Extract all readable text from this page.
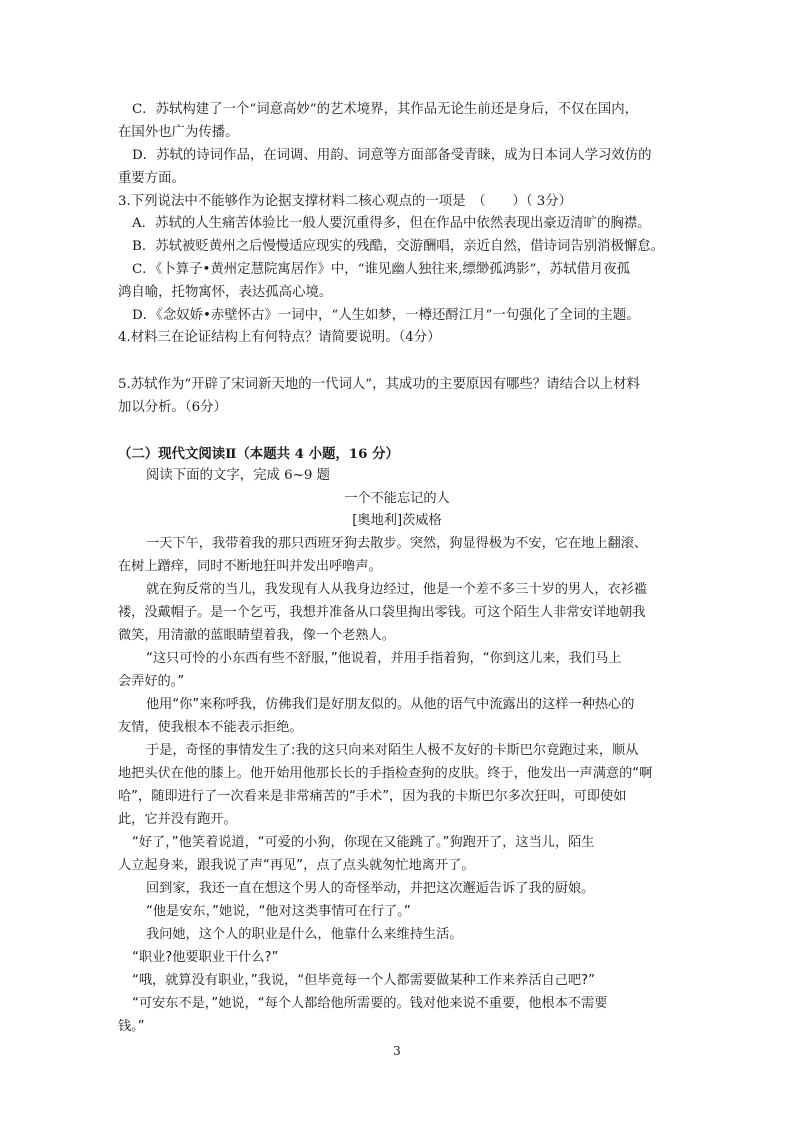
C．苏轼构建了一个“词意高妙”的艺术境界，其作品无论生前还是身后，不仅在国内，
在国外也广为传播。
D．苏轼的诗词作品，在词调、用韵、词意等方面部备受青睐，成为日本词人学习效仿的
重要方面。
3.下列说法中不能够作为论据支撑材料二核心观点的一项是　（　　）（ 3分）
A．苏轼的人生痛苦体验比一般人要沉重得多，但在作品中依然表现出豪迈清旷的胸襟。
B．苏轼被贬黄州之后慢慢适应现实的残酷，交游酬唱，亲近自然，借诗词告别消极懈怠。
C．《卜算子•黄州定慧院寓居作》中，“谁见幽人独往来,缥缈孤鸿影”，苏轼借月夜孤
鸿自喻，托物寓怀，表达孤高心境。
D．《念奴娇•赤壁怀古》一词中，“人生如梦，一樽还酹江月”一句强化了全词的主题。
4.材料三在论证结构上有何特点？请简要说明。（4分）
5.苏轼作为“开辟了宋词新天地的一代词人”，其成功的主要原因有哪些？请结合以上材料
加以分析。（6分）
（二）现代文阅读Ⅱ（本题共 4 小题，16 分）
阅读下面的文字，完成 6~9 题
一个不能忘记的人
[奥地利]茨威格
一天下午，我带着我的那只西班牙狗去散步。突然，狗显得极为不安，它在地上翻滚、
在树上蹭痒，同时不断地狂叫并发出呼噜声。
就在狗反常的当儿，我发现有人从我身边经过，他是一个差不多三十岁的男人，衣衫褴
褛，没戴帽子。是一个乞丐，我想并准备从口袋里掏出零钱。可这个陌生人非常安详地朝我
微笑，用清澈的蓝眼睛望着我，像一个老熟人。
“这只可怜的小东西有些不舒服，”他说着，并用手指着狗，“你到这儿来，我们马上
会弄好的。”
他用“你”来称呼我，仿佛我们是好朋友似的。从他的语气中流露出的这样一种热心的
友情，使我根本不能表示拒绝。
于是，奇怪的事情发生了:我的这只向来对陌生人极不友好的卡斯巴尔竟跑过来，顺从
地把头伏在他的膝上。他开始用他那长长的手指检查狗的皮肤。终于，他发出一声满意的“啊
哈”，随即进行了一次看来是非常痛苦的“手术”，因为我的卡斯巴尔多次狂叫，可即使如
此，它并没有跑开。
“好了，”他笑着说道，“可爱的小狗，你现在又能跳了。”狗跑开了，这当儿，陌生
人立起身来，跟我说了声“再见”，点了点头就匆忙地离开了。
回到家，我还一直在想这个男人的奇怪举动，并把这次邂逅告诉了我的厨娘。
“他是安东，”她说，“他对这类事情可在行了。”
我问她，这个人的职业是什么，他靠什么来维持生活。
“职业?他要职业干什么?”
“哦，就算没有职业，”我说，“但毕竟每一个人都需要做某种工作来养活自己吧?”
“可安东不是，”她说，“每个人都给他所需要的。钱对他来说不重要，他根本不需要
钱。”
3
